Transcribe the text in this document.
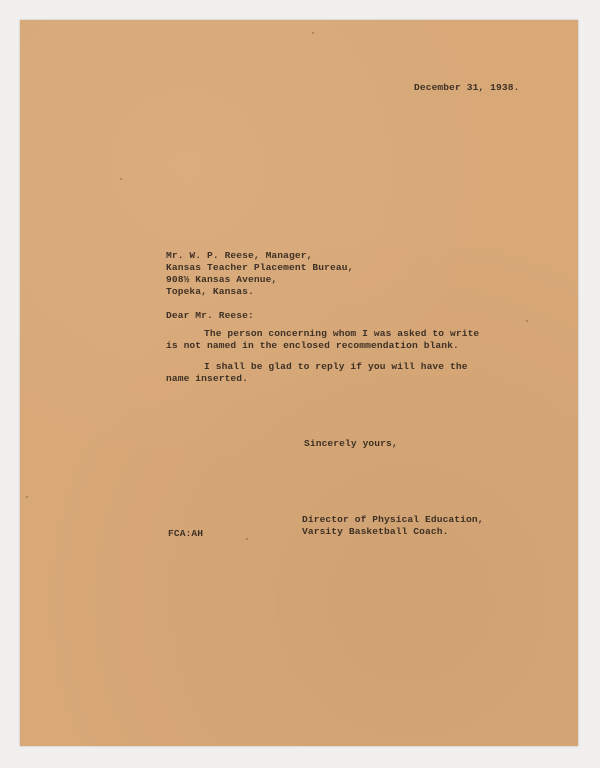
December 31, 1938.
Mr. W. P. Reese, Manager,
Kansas Teacher Placement Bureau,
908½ Kansas Avenue,
Topeka, Kansas.
Dear Mr. Reese:
The person concerning whom I was asked to write
is not named in the enclosed recommendation blank.
I shall be glad to reply if you will have the
name inserted.
Sincerely yours,
Director of Physical Education,
Varsity Basketball Coach.
FCA:AH
